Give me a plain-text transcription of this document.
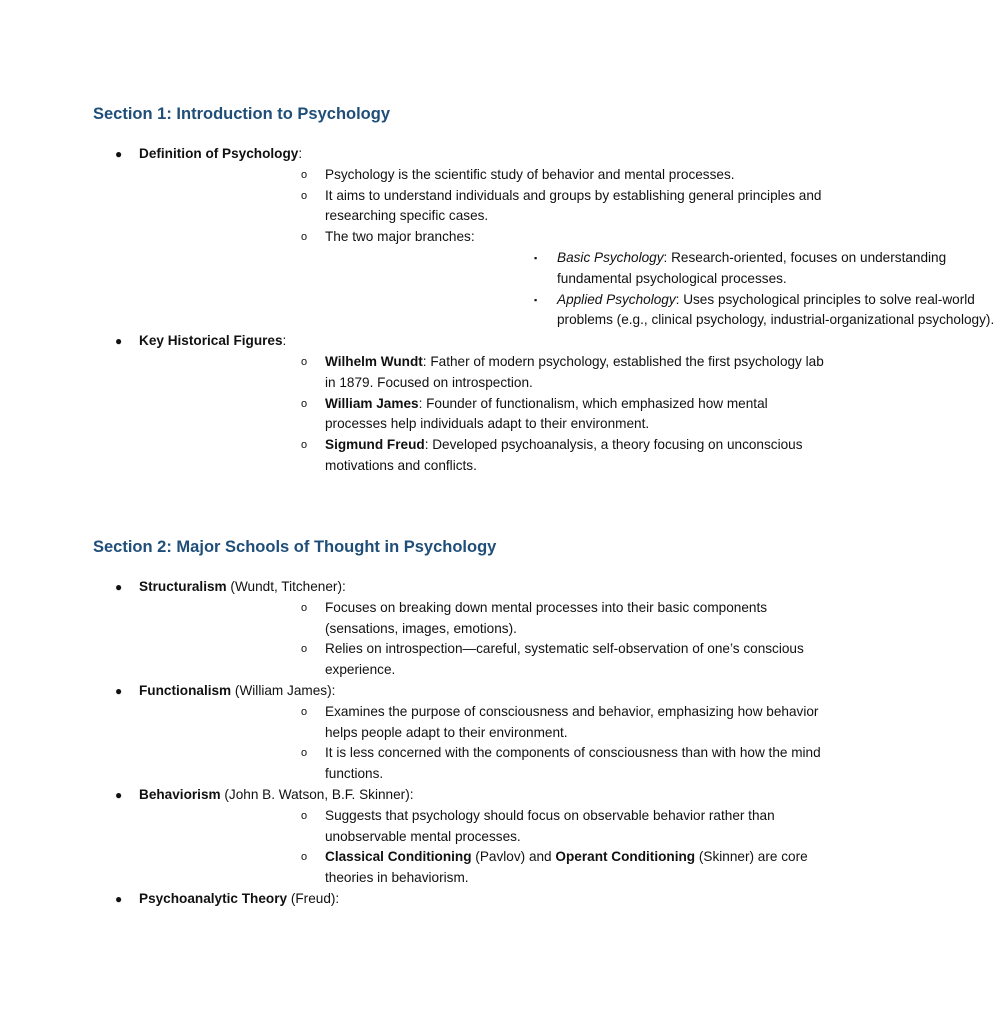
Section 1: Introduction to Psychology
● Definition of Psychology:
o Psychology is the scientific study of behavior and mental processes.
o It aims to understand individuals and groups by establishing general principles and researching specific cases.
o The two major branches:
▪ Basic Psychology: Research-oriented, focuses on understanding fundamental psychological processes.
▪ Applied Psychology: Uses psychological principles to solve real-world problems (e.g., clinical psychology, industrial-organizational psychology).
● Key Historical Figures:
o Wilhelm Wundt: Father of modern psychology, established the first psychology lab in 1879. Focused on introspection.
o William James: Founder of functionalism, which emphasized how mental processes help individuals adapt to their environment.
o Sigmund Freud: Developed psychoanalysis, a theory focusing on unconscious motivations and conflicts.
Section 2: Major Schools of Thought in Psychology
● Structuralism (Wundt, Titchener):
o Focuses on breaking down mental processes into their basic components (sensations, images, emotions).
o Relies on introspection—careful, systematic self-observation of one’s conscious experience.
● Functionalism (William James):
o Examines the purpose of consciousness and behavior, emphasizing how behavior helps people adapt to their environment.
o It is less concerned with the components of consciousness than with how the mind functions.
● Behaviorism (John B. Watson, B.F. Skinner):
o Suggests that psychology should focus on observable behavior rather than unobservable mental processes.
o Classical Conditioning (Pavlov) and Operant Conditioning (Skinner) are core theories in behaviorism.
● Psychoanalytic Theory (Freud):
